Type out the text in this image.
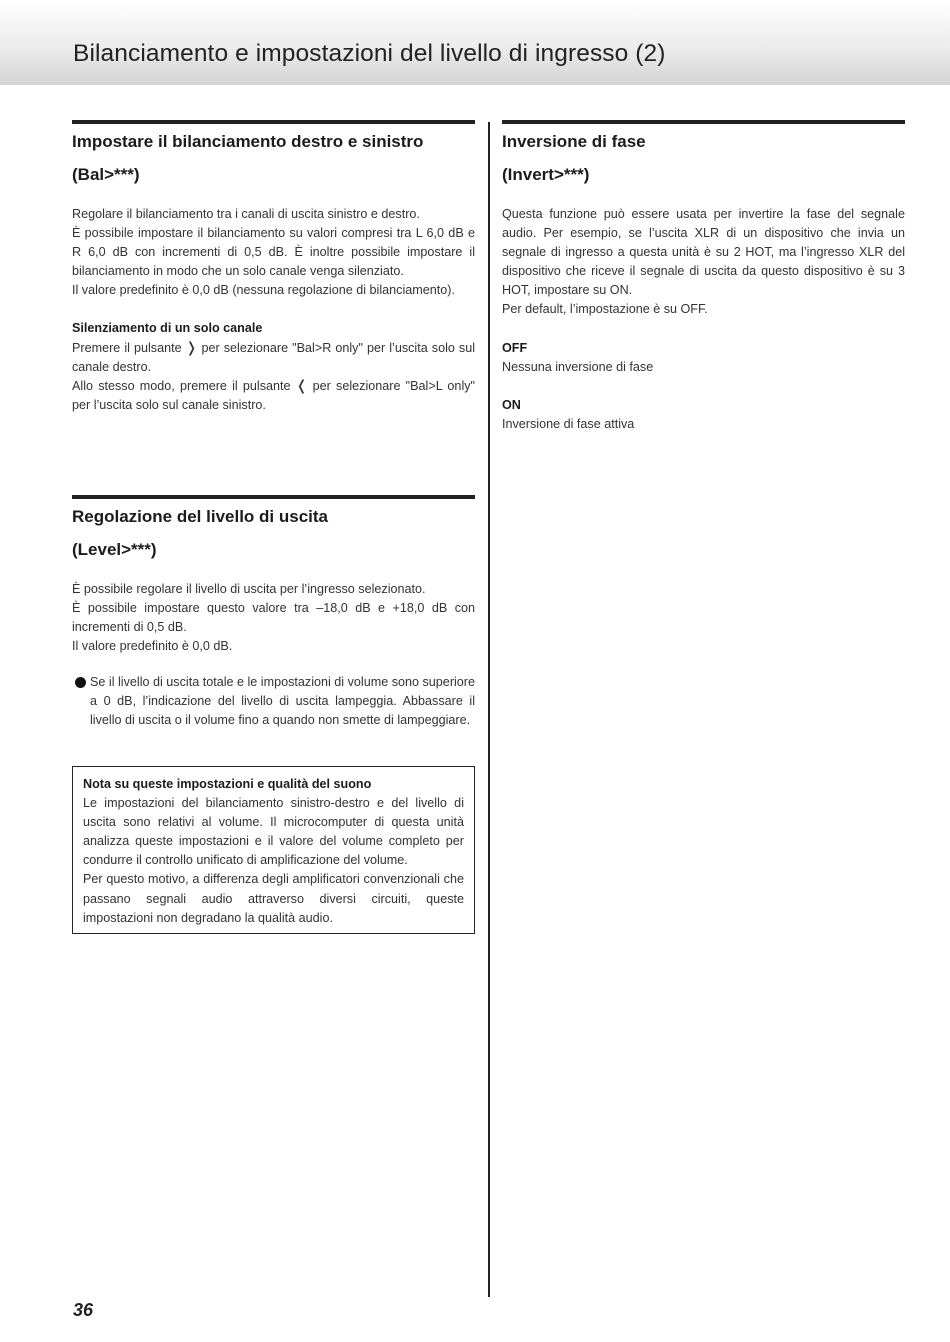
Bilanciamento e impostazioni del livello di ingresso (2)
Impostare il bilanciamento destro e sinistro
(Bal>***)

Regolare il bilanciamento tra i canali di uscita sinistro e destro.

È possibile impostare il bilanciamento su valori compresi tra L 6,0 dB e R 6,0 dB con incrementi di 0,5 dB. È inoltre possibile impostare il bilanciamento in modo che un solo canale venga silenziato.

Il valore predefinito è 0,0 dB (nessuna regolazione di bilanciamento).

Silenziamento di un solo canale

Premere il pulsante ❭ per selezionare "Bal>R only" per l’uscita solo sul canale destro.

Allo stesso modo, premere il pulsante ❬ per selezionare "Bal>L only" per l’uscita solo sul canale sinistro.

Inversione di fase
(Invert>***)

Questa funzione può essere usata per invertire la fase del segnale audio. Per esempio, se l’uscita XLR di un dispositivo che invia un segnale di ingresso a questa unità è su 2 HOT, ma l’ingresso XLR del dispositivo che riceve il segnale di uscita da questo dispositivo è su 3 HOT, impostare su ON.

Per default, l’impostazione è su OFF.

OFF

Nessuna inversione di fase

ON

Inversione di fase attiva

Regolazione del livello di uscita
(Level>***)

È possibile regolare il livello di uscita per l’ingresso selezionato.

È possibile impostare questo valore tra –18,0 dB e +18,0 dB con incrementi di 0,5 dB.

Il valore predefinito è 0,0 dB.

Se il livello di uscita totale e le impostazioni di volume sono superiore a 0 dB, l’indicazione del livello di uscita lampeggia. Abbassare il livello di uscita o il volume fino a quando non smette di lampeggiare.

Nota su queste impostazioni e qualità del suono

Le impostazioni del bilanciamento sinistro-destro e del livello di uscita sono relativi al volume. Il microcomputer di questa unità analizza queste impostazioni e il valore del volume completo per condurre il controllo unificato di amplificazione del volume.

Per questo motivo, a differenza degli amplificatori convenzionali che passano segnali audio attraverso diversi circuiti, queste impostazioni non degradano la qualità audio.

36
